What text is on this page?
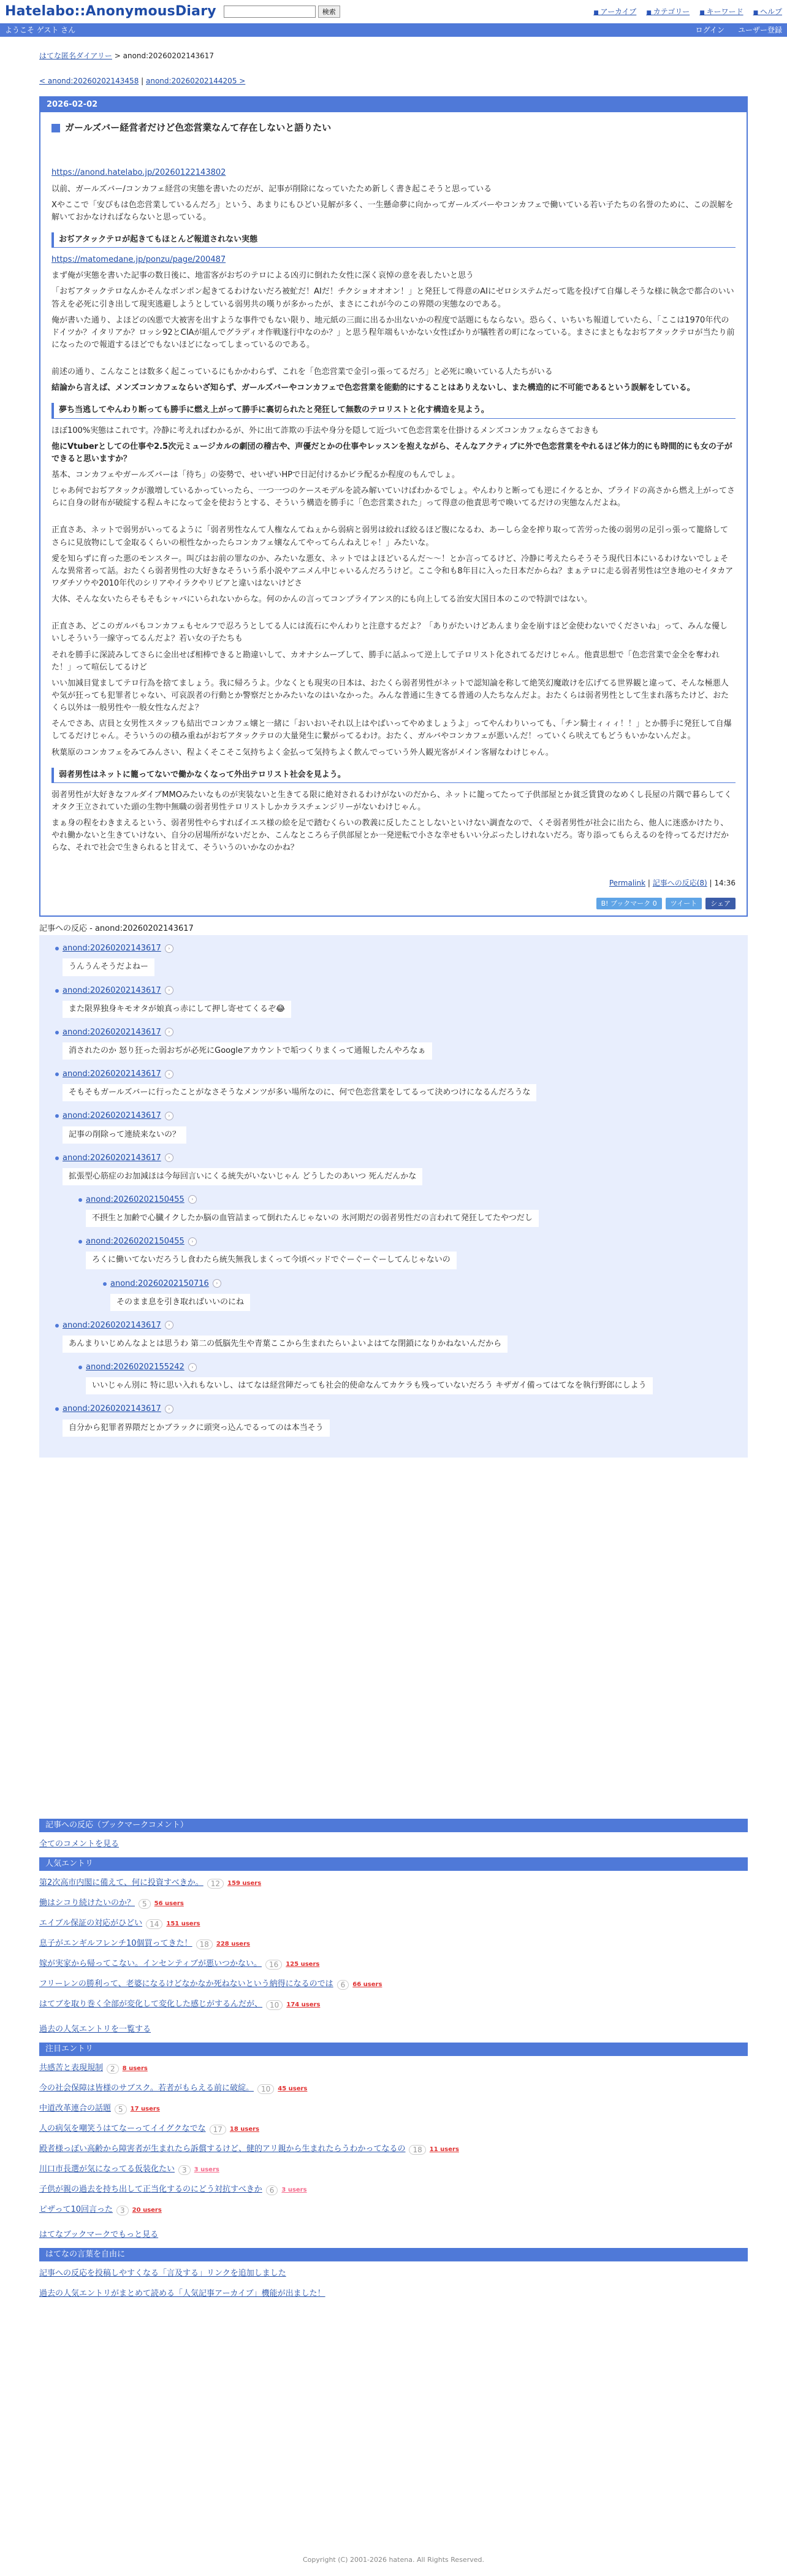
Hatelabo::AnonymousDiary	検索	■ アーカイブ	■ カテゴリー	■ キーワード	■ ヘルプ
ようこそ ゲスト さん	ログイン ユーザー登録
はてな匿名ダイアリー > anond:20260202143617
< anond:20260202143458 | anond:20260202144205 >
2026-02-02
ガールズバー経営者だけど色恋営業なんて存在しないと語りたい

https://anond.hatelabo.jp/20260122143802

以前、ガールズバー/コンカフェ経営の実態を書いたのだが、記事が削除になっていたため新しく書き起こそうと思っている

Xやここで「安ぴもは色恋営業しているんだろ」という、あまりにもひどい見解が多く、一生懸命夢に向かってガールズバーやコンカフェで働いている若い子たちの名誉のために、この誤解を解いておかなければならないと思っている。

おぢアタックテロが起きてもほとんど報道されない実態

https://matomedane.jp/ponzu/page/200487

まず俺が実態を書いた記事の数日後に、地雷客がおぢのテロによる凶刃に倒れた女性に深く哀悼の意を表したいと思う

「おぢアタックテロなんかそんなポンポン起きてるわけないだろ被虻だ！AIだ！チクショオオオン！」と発狂して得意のAIにゼロシステムだって匙を投げて自爆しそうな様に執念で都合のいい答えを必死に引き出して現実逃避しようとしている弱男共の嘆りが多かったが、まさにこれが今のこの界隈の実態なのである。

俺が書いた通り、よほどの凶悪で大被害を出すような事件でもない限り、地元紙の三面に出るか出ないかの程度で話題にもならない。恐らく、いちいち報道していたら、「ここは1970年代のドイツか？イタリアか？ロッシ92とCIAが組んでグラディオ作戦遂行中なのか？」と思う程年端もいかない女性ばかりが犠牲者の町になっている。まさにまともなおぢアタックテロが当たり前になったので報道するほどでもないほどになってしまっているのである。

前述の通り、こんなことは数多く起こっているにもかかわらず、これを「色恋営業で金引っ張ってるだろ」と必死に喚いている人たちがいる

結論から言えば、メンズコンカフェならいざ知らず、ガールズバーやコンカフェで色恋営業を能動的にすることはありえないし、また構造的に不可能であるという誤解をしている。

夢ち当逃してやんわり断っても勝手に燃え上がって勝手に裏切られたと発狂して無数のテロリストと化す構造を見よう。

ほぼ100%実態はこれです。冷静に考えればわかるが、外に出て詐欺の手法や身分を隠して近づいて色恋営業を仕掛けるメンズコンカフェならさておきも

他にVtuberとしての仕事や2.5次元ミュージカルの劇団の稽古や、声優だとかの仕事やレッスンを抱えながら、そんなアクティブに外で色恋営業をやれるほど体力的にも時間的にも女の子ができると思いますか？

基本、コンカフェやガールズバーは「待ち」の姿勢で、せいぜいHPで日記付けるかビラ配るか程度のもんでしょ。

じゃあ何でおぢアタックが激増しているかっていったら、一つ一つのケースモデルを読み解いていけばわかるでしょ。やんわりと断っても逆にイケるとか、プライドの高さから燃え上がってさらに自身の財布が破綻する程ムキになって金を使おうとする、そういう構造を勝手に「色恋営業された」って得意の他責思考で喚いてるだけの実態なんだよね。

正直さあ、ネットで弱男がいってるように「弱者男性なんて人権なんてねぇから弱病と弱男は絞れば絞るほど腹になるわ、あーしら金を搾り取って苦労った後の弱男の足引っ張って籠絡してさらに見放物にして金取るくらいの根性なかったらコンカフェ嬢なんてやってらんねえじゃ！」みたいな。

愛を知らずに育った悪のモンスター。叫びはお前の罪なのか、みたいな悪女、ネットではよほどいるんだ〜〜！とか言ってるけど、冷静に考えたらそうそう現代日本にいるわけないでしょそんな異常者って話。おたくら弱者男性の大好きなそういう系小説やアニメん中じゃいるんだろうけど。ここ令和も8年目に入った日本だからね？まぁテロに走る弱者男性は空き地のセイタカアワダチソウや2010年代のシリアやイラクやリビアと違いはないけどさ

大体、そんな女いたらそもそもシャバにいられないからな。何のかんの言ってコンプライアンス的にも向上してる治安大国日本のこので特訓ではない。

正直さあ、どこのガルバもコンカフェもセルフで忍ろうとしてる人には流石にやんわりと注意するだよ？「ありがたいけどあんまり金を崩すほど金使わないでくださいね」って、みんな優しいしそういう一線守ってるんだよ？若い女の子たちも

それを勝手に深読みしてさらに金出せば相棒できると勘違いして、カオナシムーブして、勝手に話ふって逆上して子ロリスト化されてるだけじゃん。他責思想で「色恋営業で金全を奪われた！」って喧伝してるけど

いい加減目覚ましてテロ行為を捨てましょう。我に帰ろうよ。少なくとも現実の日本は、おたくら弱者男性がネットで認知論を称して絶笑幻魔敢けを広げてる世界観と違って、そんな極悪人や気が狂っても犯罪者じゃない、可哀誤者の行動とか警察だとかみたいなのはいなかった。みんな普通に生きてる普通の人たちなんだよ。おたくらは弱者男性として生まれ落ちたけど、おたくら以外は一般男性や一般女性なんだよ？

そんでさあ、店員と女男性スタッフも結出でコンカフェ嬢と一緒に「おいおいそれ以上はやばいってやめましょうよ」ってやんわりいっても、「チン騎士ィィィ！！」とか勝手に発狂して自爆してるだけじゃん。そういうのの積み重ねがおぢアタックテロの大量発生に繋がってるわけ。おたく、ガルバやコンカフェが悪いんだ！っていくら吠えてもどうもいかないんだよ。

秋葉原のコンカフェをみてみんさい、程よくそこそこ気持ちよく金払って気持ちよく飲んでっていう外人観光客がメイン客層なわけじゃん。

弱者男性はネットに籠ってないで働かなくなって外出テロリスト社会を見よう。

弱者男性が大好きなフルダイブMMOみたいなものが実装ないと生きてる限に絶対されるわけがないのだから、ネットに籠ってたって子供部屋とか貧乏賃貸のなめくし長屋の片隅で暮らしてくオタク王立されていた頭の生物中無職の弱者男性テロリストしかカラスチェンジリーがないわけじゃん。

まぁ身の程をわきまえるという、弱者男性やらすればイエス様の絵を足で踏むくらいの教義に反したことしないといけない調査なので、くそ弱者男性が社会に出たら、他人に迷惑かけたり、やれ働かないと生きていけない、自分の居場所がないだとか、こんなところら子供部屋とか一発逆転で小さな幸せもいい分ぶったしけれないだろ。寄り添ってもらえるのを待ってるだけだからな、それで社会で生きられると甘えて、そういうのいかなのかね？

Permalink | 記事への反応(8) | 14:36
B! ブックマーク 0	ツイート	シェア
記事への反応 - anond:20260202143617
anond:20260202143617 ›
うんうんそうだよねー
anond:20260202143617 ›
また限界独身キモオタが娘真っ赤にして押し寄せてくるぞ😂
anond:20260202143617 ›
消されたのか 怒り狂った弱おぢが必死にGoogleアカウントで垢つくりまくって通報したんやろなぁ
anond:20260202143617 ›
そもそもガールズバーに行ったことがなさそうなメンツが多い場所なのに、何で色恋営業をしてるって決めつけになるんだろうな
anond:20260202143617 ›
記事の削除って連続来ないの？
anond:20260202143617 ›
拡張型心筋症のお加減ほは今毎回言いにくる統失がいないじゃん どうしたのあいつ 死んだんかな
anond:20260202150455 ›
不摂生と加齢で心臓イクしたか脳の血管詰まって倒れたんじゃないの 氷河期だの弱者男性だの言われて発狂してたやつだし
anond:20260202150455 ›
ろくに働いてないだろうし食わたら統失無我しまくって今頃ベッドでぐーぐーぐーしてんじゃないの
anond:20260202150716 ›
そのまま息を引き取ればいいのにね
anond:20260202143617 ›
あんまりいじめんなよとは思うわ 第二の低脳先生や青葉ここから生まれたらいよいよはてな閉鎖になりかねないんだから
anond:20260202155242 ›
いいじゃん別に 特に思い入れもないし、はてなは経営陣だっても社会的使命なんてカケラも残っていないだろう キザガイ備ってはてなを執行野郎にしよう
anond:20260202143617 ›
自分から犯罪者界隈だとかブラックに頭突っ込んでるってのは本当そう
記事への反応（ブックマークコメント）
全てのコメントを見る
人気エントリ
第2次高市内閣に備えて、何に投資すべきか。	12	159 users
働はシコり続けたいのか？	5	56 users
エイブル保証の対応がひどい	14	151 users
息子がエンギルフレンチ10個買ってきた！	18	228 users
嫁が実家から帰ってこない。インセンティブが悪いつかない。	16	125 users
フリーレンの勝利って、老婆になるけどなかなか死ねないという納得になるのでは	6	66 users
はてブを取り巻く全部が変化して変化した感じがするんだが、	10	174 users
過去の人気エントリを一覧する
注目エントリ
共感苦と表現規制	2	8 users
今の社会保障は皆様のサブスク。若者がもらえる前に破綻。	10	45 users
中道改革連合の話題	5	17 users
人の病気を嘲笑うはてなーってイイグクなでな	17	18 users
殿者様っぽい高齢から障害者が生まれたら訴償するけど、健的アリ親から生まれたらうわかってなるの	18	11 users
川口市長選が気になってる仮装化たい	3	3 users
子供が親の過去を持ち出して正当化するのにどう対抗すべきか	6	3 users
ピザって10回言った	3	20 users
はてなブックマークでもっと見る
はてなの言葉を自由に
記事への反応を投稿しやすくなる「言及する」リンクを追加しました
過去の人気エントリがまとめて読める「人気記事アーカイブ」機能が出ました！
Copyright (C) 2001-2026 hatena. All Rights Reserved.
